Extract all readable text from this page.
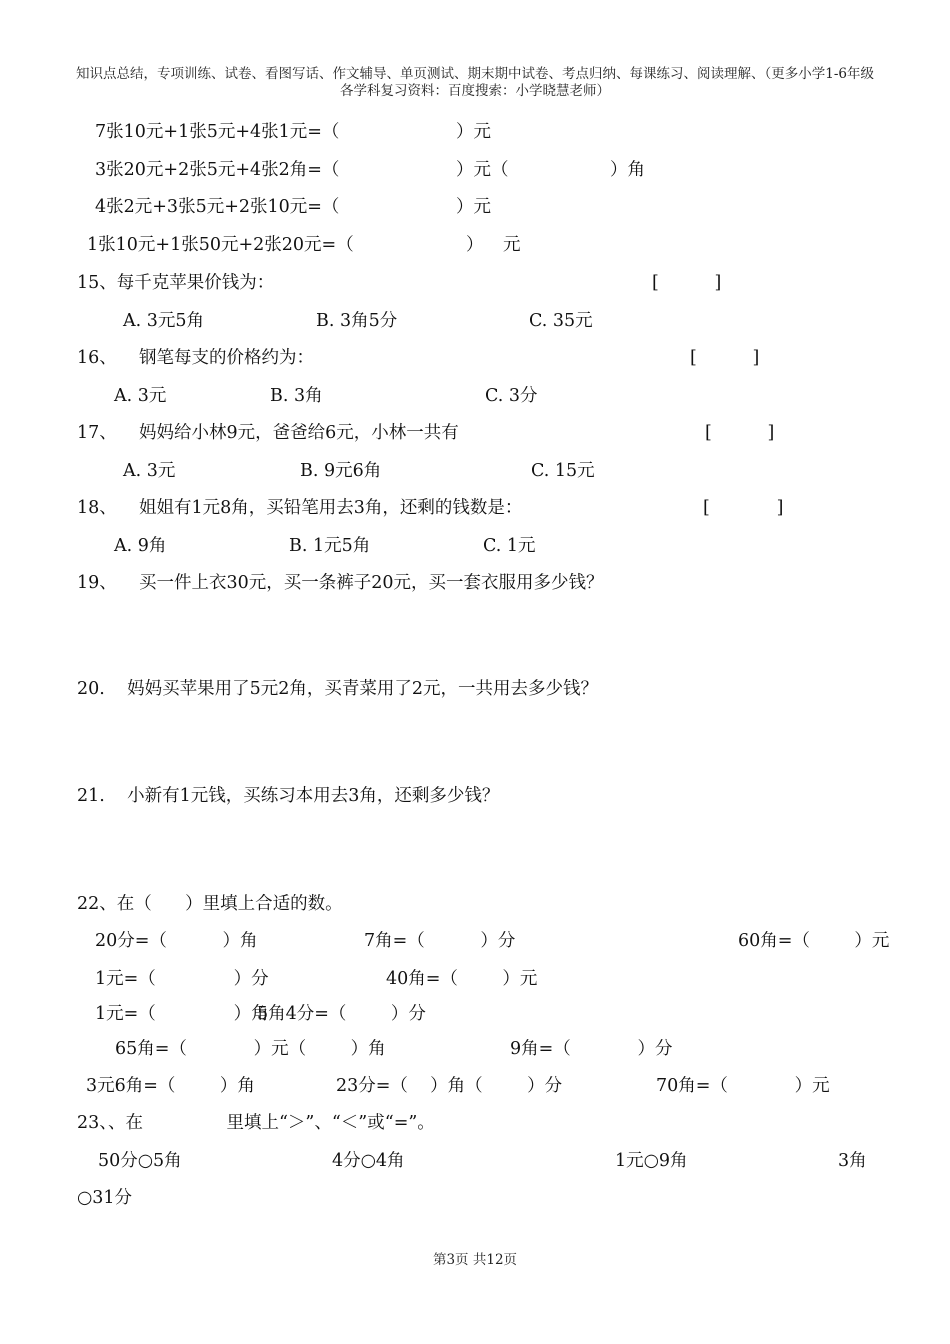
知识点总结，专项训练、试卷、看图写话、作文辅导、单页测试、期末期中试卷、考点归纳、每课练习、阅读理解、（更多小学1-6年级
各学科复习资料：百度搜索：小学晓慧老师）
7张10元+1张5元+4张1元=（	）元
3张20元+2张5元+4张2角=（	）元（	）角
4张2元+3张5元+2张10元=（	）元
1张10元+1张50元+2张20元=（	） 元
15、每千克苹果价钱为：	[          ]
A. 3元5角	B. 3角5分	C. 35元
16、    钢笔每支的价格约为：	[          ]
A. 3元	B. 3角	C. 3分
17、    妈妈给小林9元，爸爸给6元，小林一共有	[          ]
A. 3元	B. 9元6角	C. 15元
18、    姐姐有1元8角，买铅笔用去3角，还剩的钱数是：	[            ]
A. 9角	B. 1元5角	C. 1元
19、    买一件上衣30元，买一条裤子20元，买一套衣服用多少钱？
20.    妈妈买苹果用了5元2角，买青菜用了2元，一共用去多少钱？
21.    小新有1元钱，买练习本用去3角，还剩多少钱？
22、在（      ）里填上合适的数。
20分=（          ）角	7角=（          ）分	60角=（        ）元
1元=（              ）分	40角=（        ）元
1元=（              ）角
5角4分=（        ）分
65角=（            ）元（        ）角	9角=（            ）分
3元6角=（        ）角	23分=（    ）角（        ）分	70角=（            ）元
23、、在               里填上“＞”、“＜”或“=”。
50分○5角	4分○4角	1元○9角	3角
○31分
第3页 共12页
